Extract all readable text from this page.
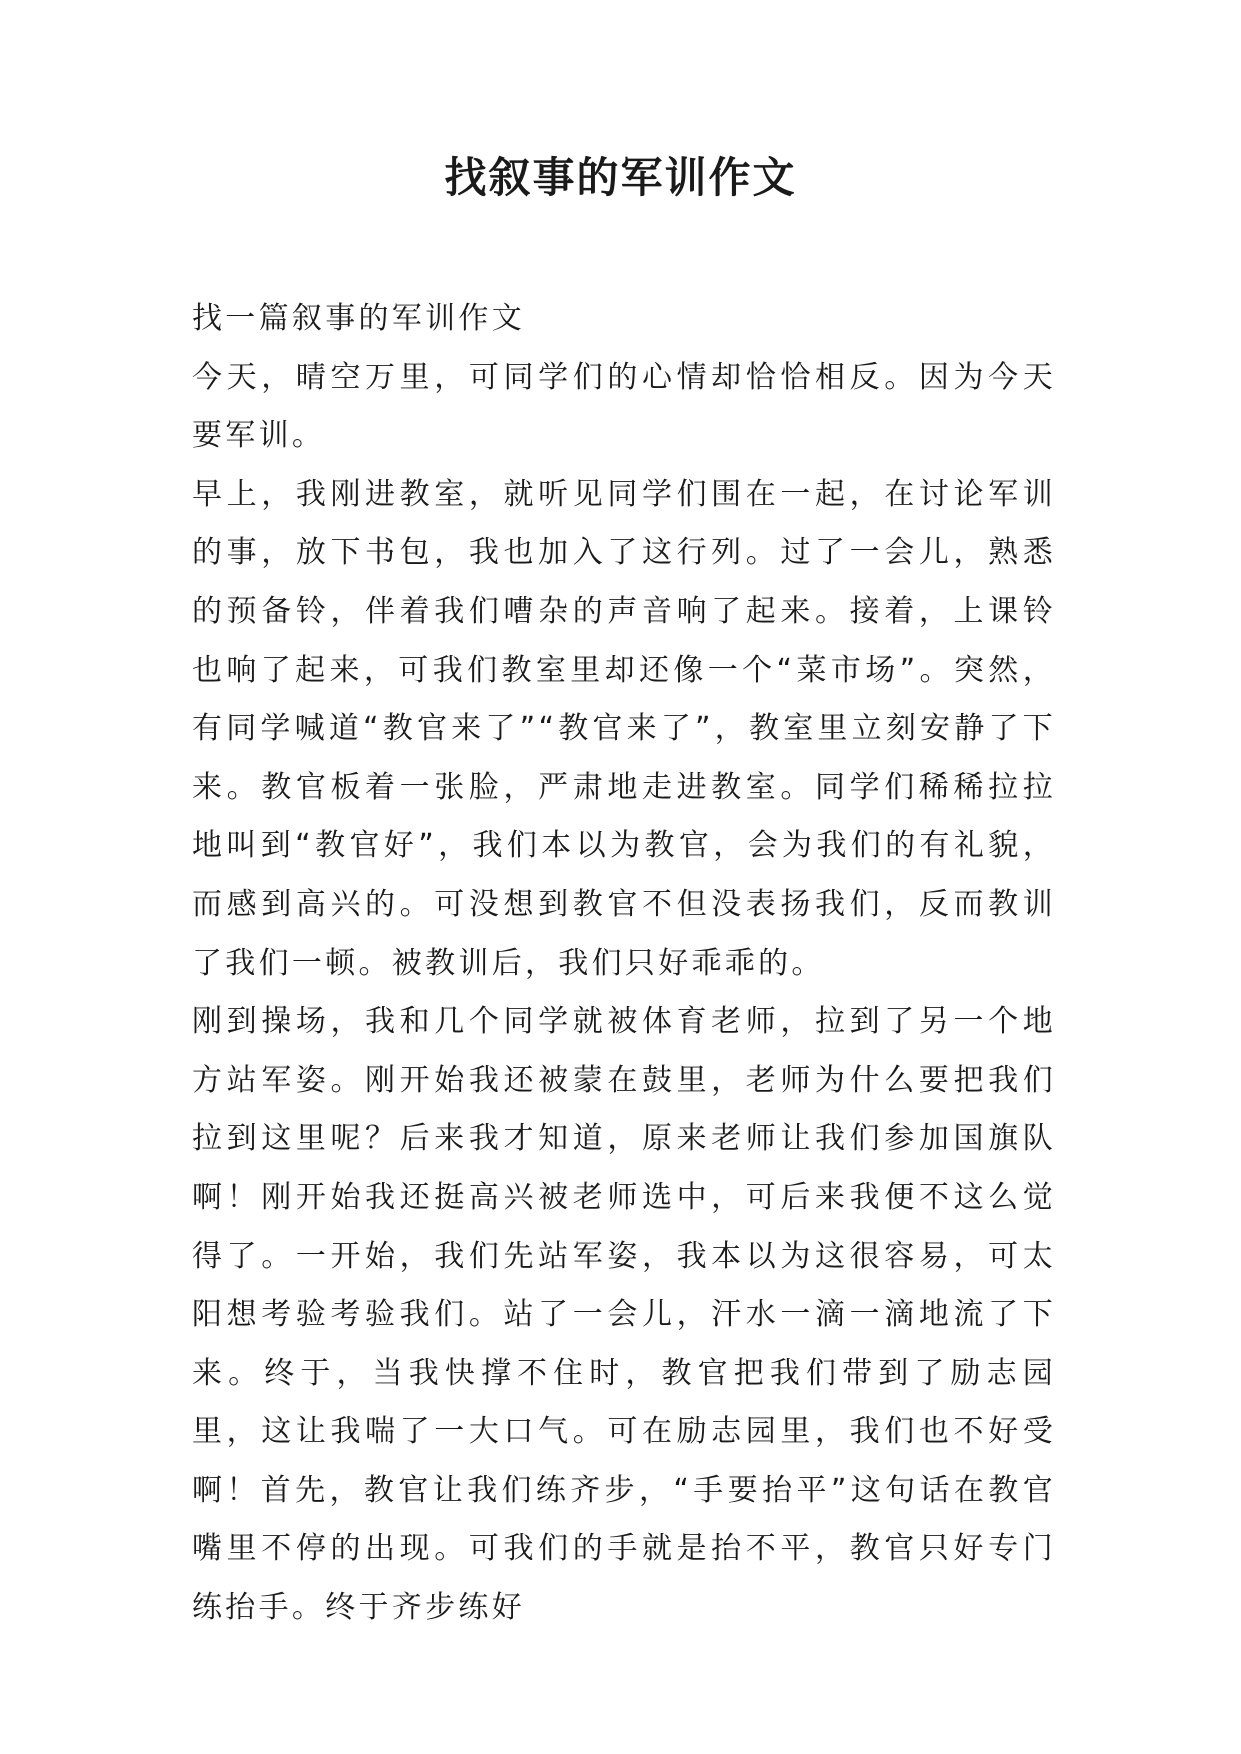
找叙事的军训作文

找一篇叙事的军训作文

今天，晴空万里，可同学们的心情却恰恰相反。因为今天要军训。

早上，我刚进教室，就听见同学们围在一起，在讨论军训的事，放下书包，我也加入了这行列。过了一会儿，熟悉的预备铃，伴着我们嘈杂的声音响了起来。接着，上课铃也响了起来，可我们教室里却还像一个“菜市场”。突然，有同学喊道“教官来了”“教官来了”，教室里立刻安静了下来。教官板着一张脸，严肃地走进教室。同学们稀稀拉拉地叫到“教官好”，我们本以为教官，会为我们的有礼貌，而感到高兴的。可没想到教官不但没表扬我们，反而教训了我们一顿。被教训后，我们只好乖乖的。

刚到操场，我和几个同学就被体育老师，拉到了另一个地方站军姿。刚开始我还被蒙在鼓里，老师为什么要把我们拉到这里呢？后来我才知道，原来老师让我们参加国旗队啊！刚开始我还挺高兴被老师选中，可后来我便不这么觉得了。一开始，我们先站军姿，我本以为这很容易，可太阳想考验考验我们。站了一会儿，汗水一滴一滴地流了下来。终于，当我快撑不住时，教官把我们带到了励志园里，这让我喘了一大口气。可在励志园里，我们也不好受啊！首先，教官让我们练齐步，“手要抬平”这句话在教官嘴里不停的出现。可我们的手就是抬不平，教官只好专门练抬手。终于齐步练好
